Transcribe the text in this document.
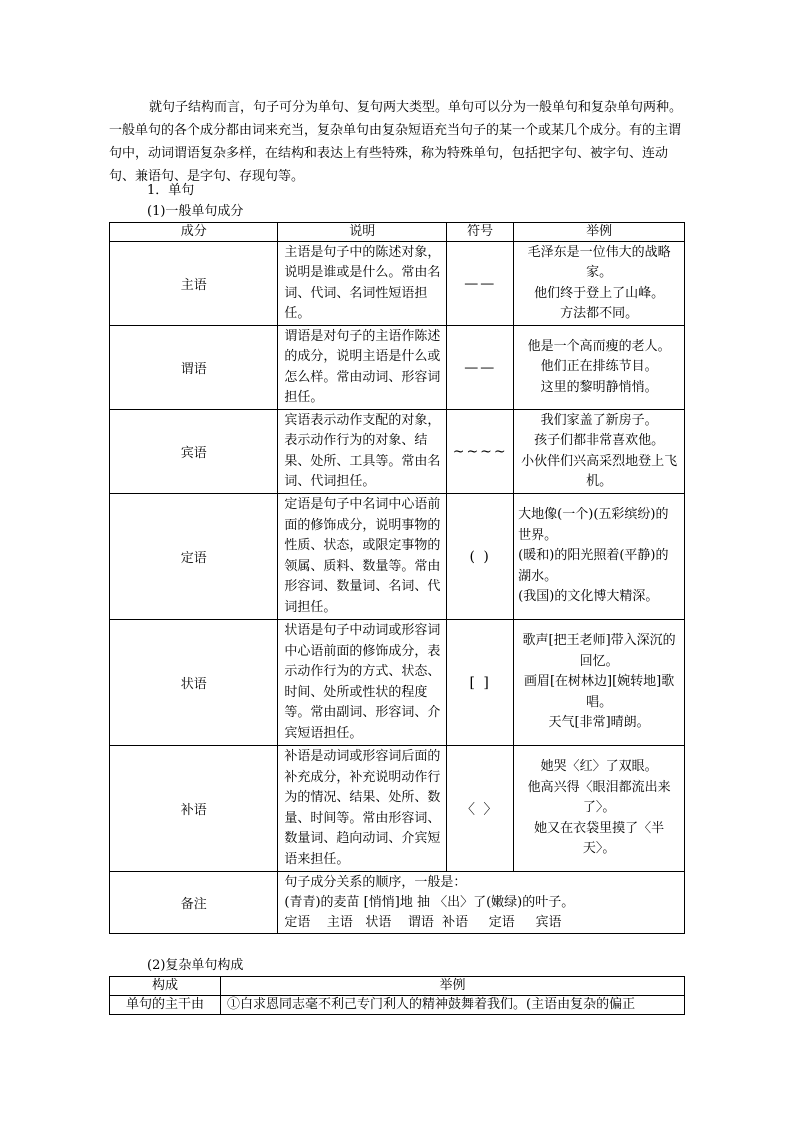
就句子结构而言，句子可分为单句、复句两大类型。单句可以分为一般单句和复杂单句两种。一般单句的各个成分都由词来充当，复杂单句由复杂短语充当句子的某一个或某几个成分。有的主谓句中，动词谓语复杂多样，在结构和表达上有些特殊，称为特殊单句，包括把字句、被字句、连动句、兼语句、是字句、存现句等。

1．单句
(1)一般单句成分
成分	说明	符号	举例
主语	主语是句子中的陈述对象，说明是谁或是什么。常由名词、代词、名词性短语担任。	——	毛泽东是一位伟大的战略家。
他们终于登上了山峰。
方法都不同。

谓语	谓语是对句子的主语作陈述的成分，说明主语是什么或怎么样。常由动词、形容词担任。	——	他是一个高而瘦的老人。
他们正在排练节目。
这里的黎明静悄悄。

宾语	宾语表示动作支配的对象，表示动作行为的对象、结果、处所、工具等。常由名词、代词担任。	~~~~	我们家盖了新房子。
孩子们都非常喜欢他。
小伙伴们兴高采烈地登上飞机。

定语	定语是句子中名词中心语前面的修饰成分，说明事物的性质、状态，或限定事物的领属、质料、数量等。常由形容词、数量词、名词、代词担任。	( )	大地像(一个)(五彩缤纷)的世界。
(暖和)的阳光照着(平静)的湖水。
(我国)的文化博大精深。

状语	状语是句子中动词或形容词中心语前面的修饰成分，表示动作行为的方式、状态、时间、处所或性状的程度等。常由副词、形容词、介宾短语担任。	[ ]	歌声[把王老师]带入深沉的回忆。
画眉[在树林边][婉转地]歌唱。
天气[非常]晴朗。

补语	补语是动词或形容词后面的补充成分，补充说明动作行为的情况、结果、处所、数量、时间等。常由形容词、数量词、趋向动词、介宾短语来担任。	〈 〉	她哭〈红〉了双眼。
他高兴得〈眼泪都流出来了〉。
她又在衣袋里摸了〈半天〉。

备注	句子成分关系的顺序，一般是：
(青青)的麦苗 [悄悄]地 抽 〈出〉了(嫩绿)的叶子。
定语    主语   状语    谓语  补语     定语     宾语		
(2)复杂单句构成
构成	举例
单句的主干由	①白求恩同志毫不利己专门利人的精神鼓舞着我们。(主语由复杂的偏正
